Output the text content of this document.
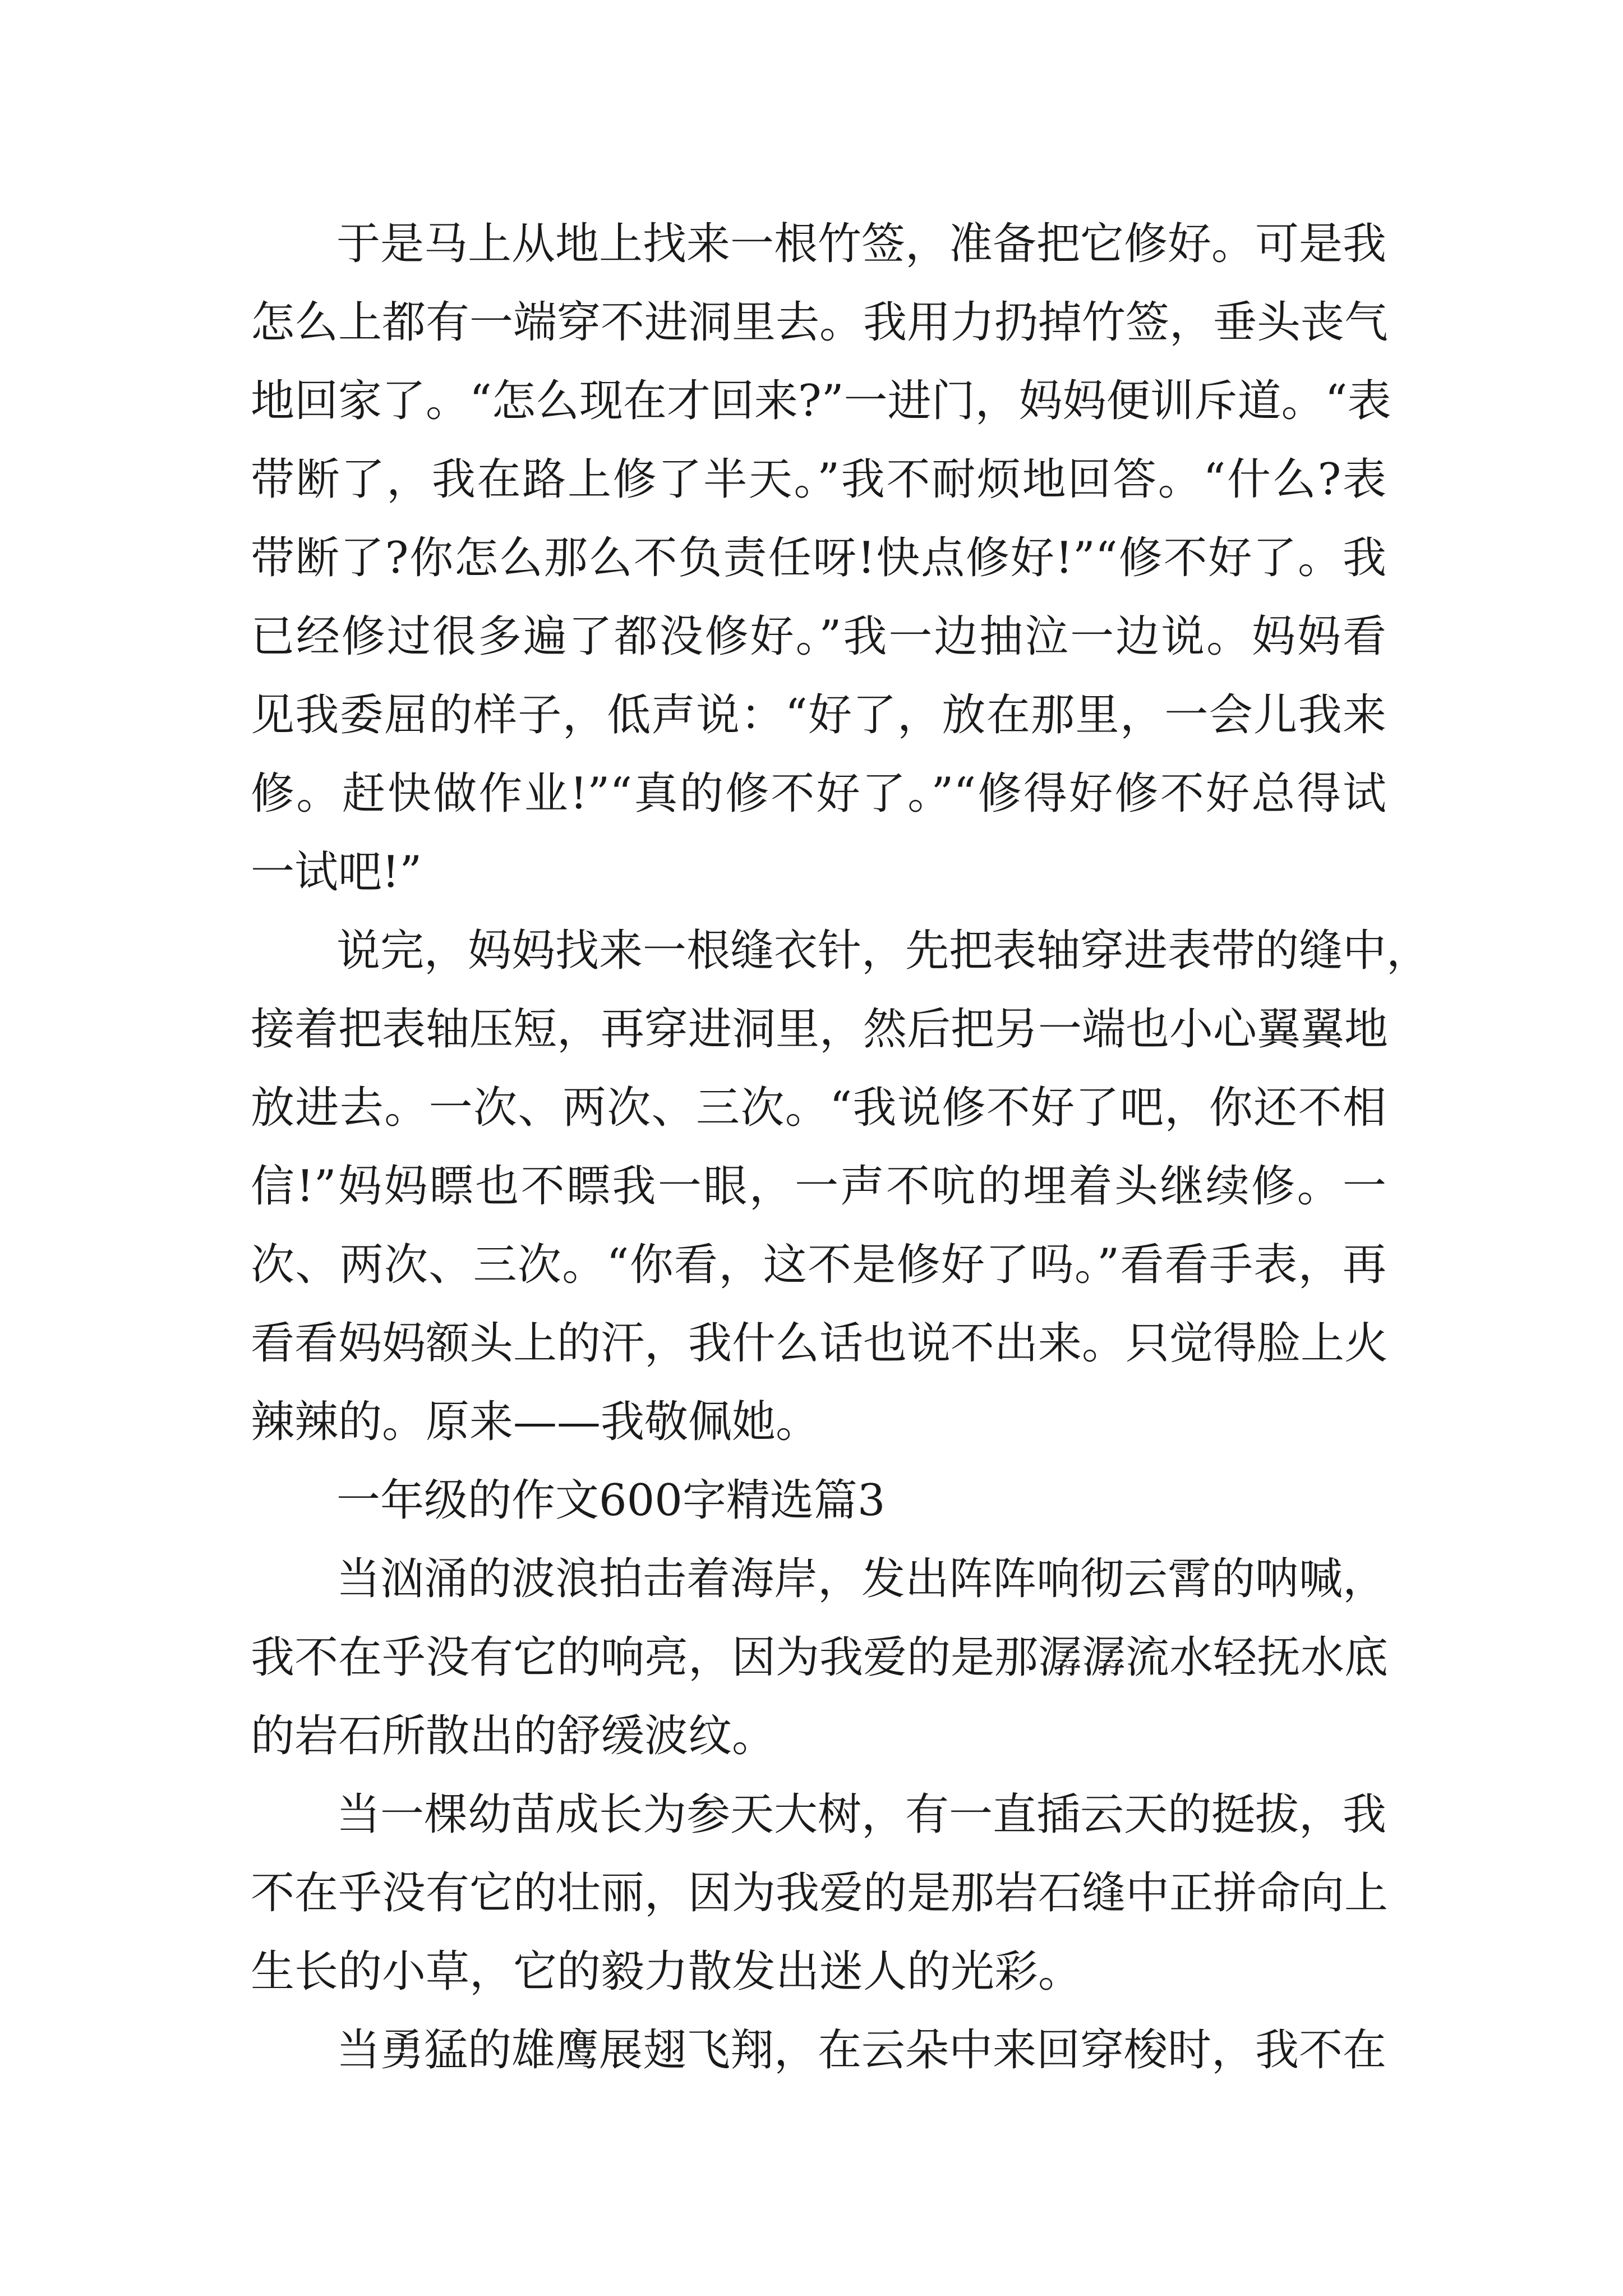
于是马上从地上找来一根竹签，准备把它修好。可是我
怎么上都有一端穿不进洞里去。我用力扔掉竹签，垂头丧气
地回家了。“怎么现在才回来?”一进门，妈妈便训斥道。“表
带断了，我在路上修了半天。”我不耐烦地回答。“什么?表
带断了?你怎么那么不负责任呀!快点修好!”“修不好了。我
已经修过很多遍了都没修好。”我一边抽泣一边说。妈妈看
见我委屈的样子，低声说：“好了，放在那里，一会儿我来
修。赶快做作业!”“真的修不好了。”“修得好修不好总得试
一试吧!”
说完，妈妈找来一根缝衣针，先把表轴穿进表带的缝中，
接着把表轴压短，再穿进洞里，然后把另一端也小心翼翼地
放进去。一次、两次、三次。“我说修不好了吧，你还不相
信!”妈妈瞟也不瞟我一眼，一声不吭的埋着头继续修。一
次、两次、三次。“你看，这不是修好了吗。”看看手表，再
看看妈妈额头上的汗，我什么话也说不出来。只觉得脸上火
辣辣的。原来——我敬佩她。
一年级的作文600字精选篇3
当汹涌的波浪拍击着海岸，发出阵阵响彻云霄的呐喊，
我不在乎没有它的响亮，因为我爱的是那潺潺流水轻抚水底
的岩石所散出的舒缓波纹。
当一棵幼苗成长为参天大树，有一直插云天的挺拔，我
不在乎没有它的壮丽，因为我爱的是那岩石缝中正拼命向上
生长的小草，它的毅力散发出迷人的光彩。
当勇猛的雄鹰展翅飞翔，在云朵中来回穿梭时，我不在
